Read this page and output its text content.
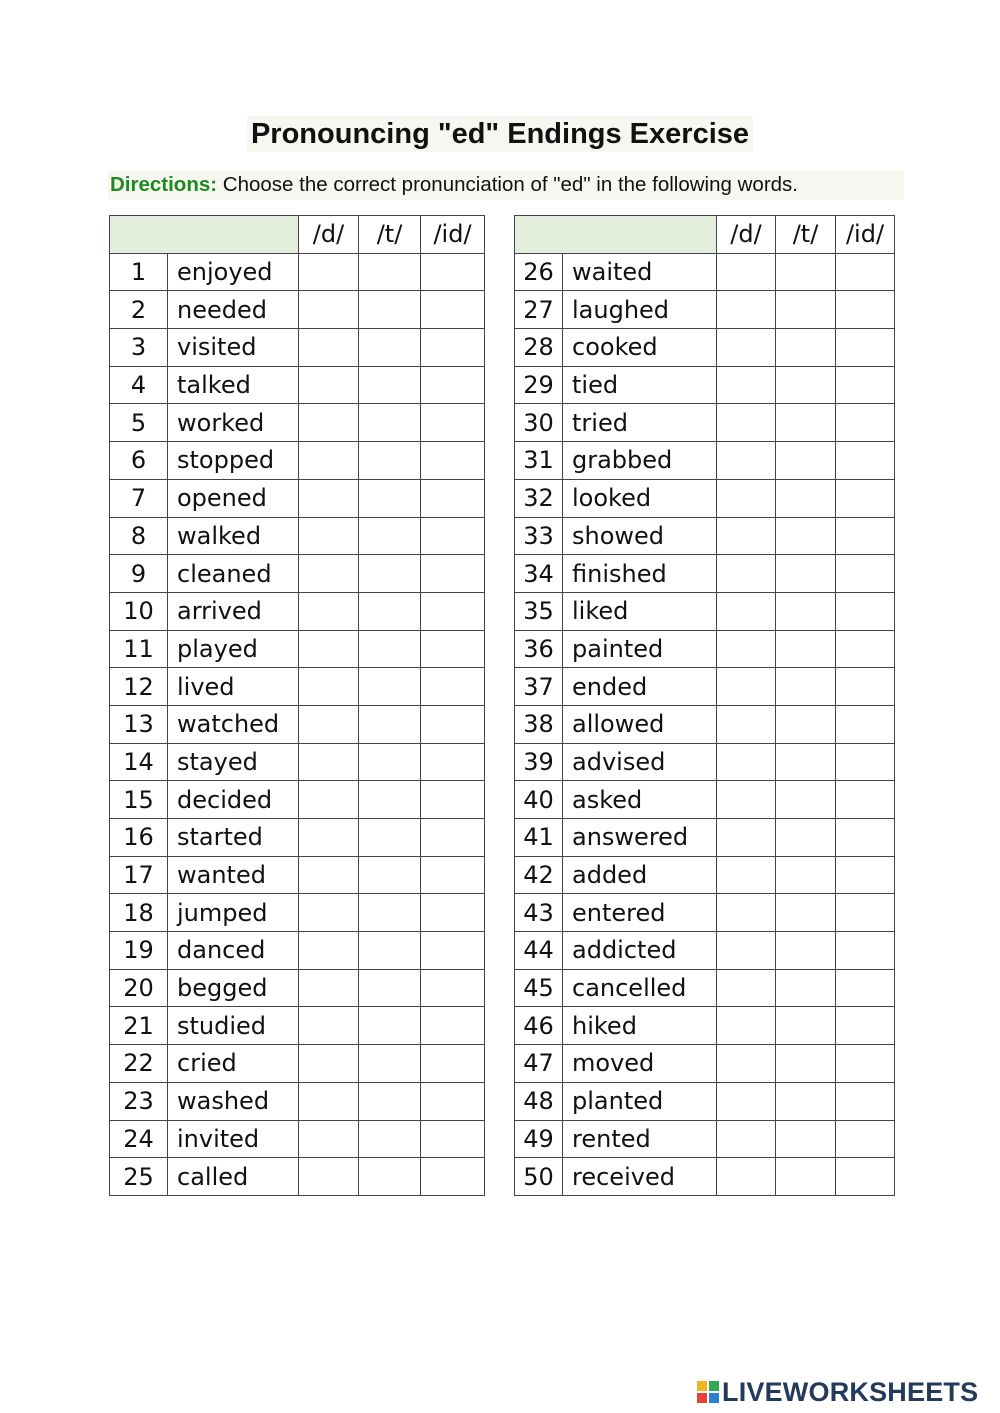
Pronouncing "ed" Endings Exercise
Directions: Choose the correct pronunciation of "ed" in the following words.
		/d/	/t/	/id/
1	enjoyed			
2	needed			
3	visited			
4	talked			
5	worked			
6	stopped			
7	opened			
8	walked			
9	cleaned			
10	arrived			
11	played			
12	lived			
13	watched			
14	stayed			
15	decided			
16	started			
17	wanted			
18	jumped			
19	danced			
20	begged			
21	studied			
22	cried			
23	washed			
24	invited			
25	called			
		/d/	/t/	/id/
26	waited			
27	laughed			
28	cooked			
29	tied			
30	tried			
31	grabbed			
32	looked			
33	showed			
34	finished			
35	liked			
36	painted			
37	ended			
38	allowed			
39	advised			
40	asked			
41	answered			
42	added			
43	entered			
44	addicted			
45	cancelled			
46	hiked			
47	moved			
48	planted			
49	rented			
50	received			
LIVEWORKSHEETS
